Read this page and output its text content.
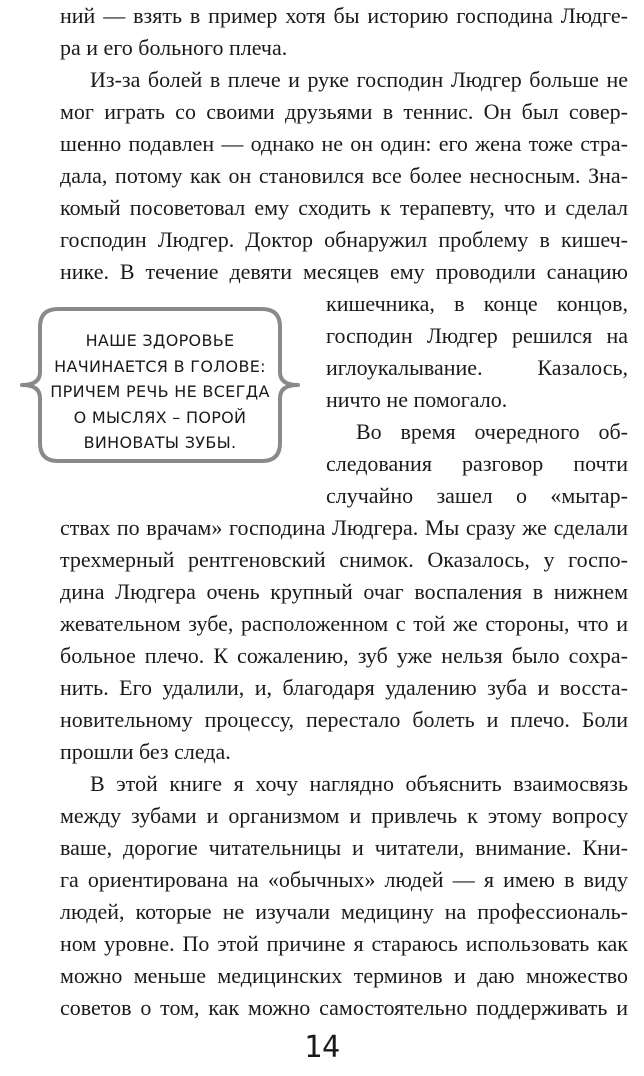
ний — взять в пример хотя бы историю господина Людге-
ра и его больного плеча.
Из-за болей в плече и руке господин Людгер больше не
мог играть со своими друзьями в теннис. Он был совер-
шенно подавлен — однако не он один: его жена тоже стра-
дала, потому как он становился все более несносным. Зна-
комый посоветовал ему сходить к терапевту, что и сделал
господин Людгер. Доктор обнаружил проблему в кишеч-
нике. В течение девяти месяцев ему проводили санацию
кишечника, в конце концов,
господин Людгер решился на
иглоукалывание. Казалось,
ничто не помогало.
Во время очередного об-
следования разговор почти
случайно зашел о «мытар-
ствах по врачам» господина Людгера. Мы сразу же сделали
трехмерный рентгеновский снимок. Оказалось, у госпо-
дина Людгера очень крупный очаг воспаления в нижнем
жевательном зубе, расположенном с той же стороны, что и
больное плечо. К сожалению, зуб уже нельзя было сохра-
нить. Его удалили, и, благодаря удалению зуба и восста-
новительному процессу, перестало болеть и плечо. Боли
прошли без следа.
В этой книге я хочу наглядно объяснить взаимосвязь
между зубами и организмом и привлечь к этому вопросу
ваше, дорогие читательницы и читатели, внимание. Кни-
га ориентирована на «обычных» людей — я имею в виду
людей, которые не изучали медицину на профессиональ-
ном уровне. По этой причине я стараюсь использовать как
можно меньше медицинских терминов и даю множество
советов о том, как можно самостоятельно поддерживать и
НАШЕ ЗДОРОВЬЕ
НАЧИНАЕТСЯ В ГОЛОВЕ:
ПРИЧЕМ РЕЧЬ НЕ ВСЕГДА
О МЫСЛЯХ – ПОРОЙ
ВИНОВАТЫ ЗУБЫ.
14
